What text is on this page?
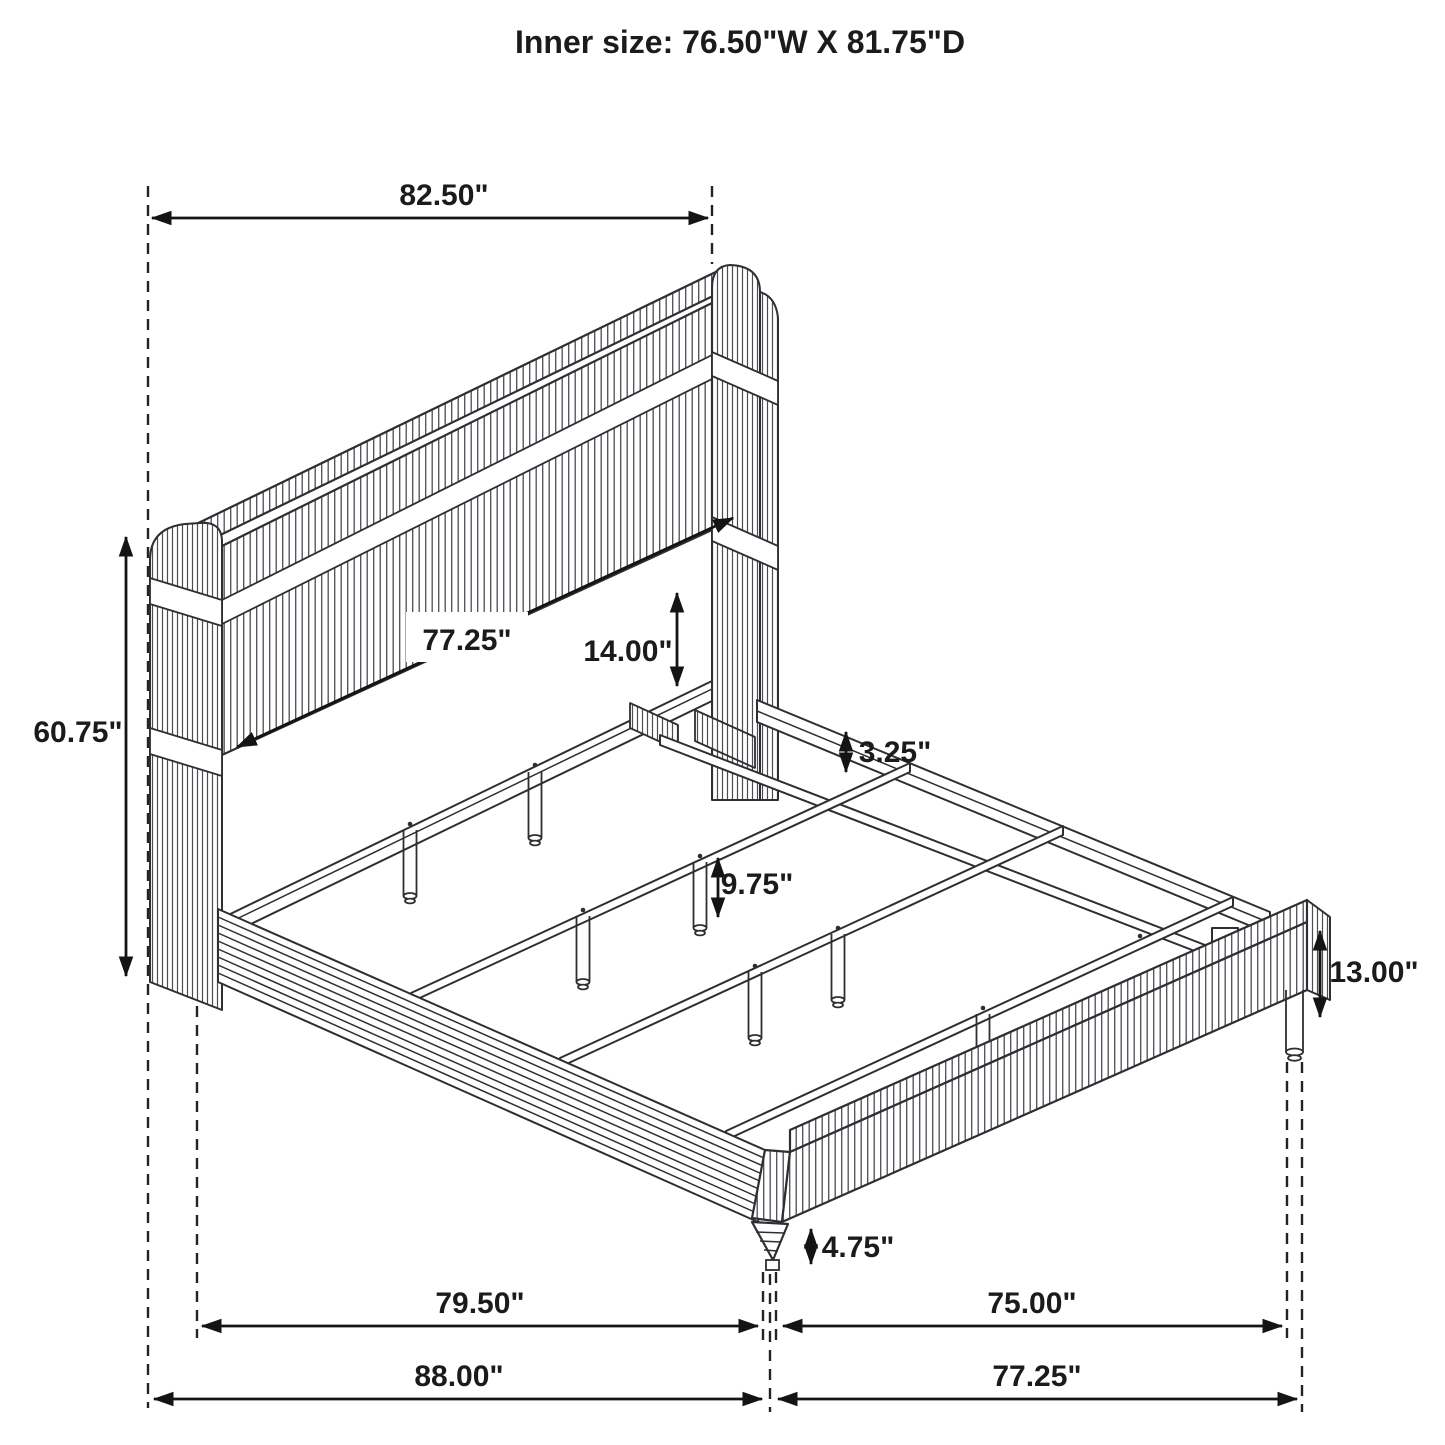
82.50"
60.75"
77.25" 14.00"
3.25"
9.75"
13.00"
4.75"
79.50"	75.00"
88.00"	77.25"
Inner size: 76.50"W X 81.75"D
